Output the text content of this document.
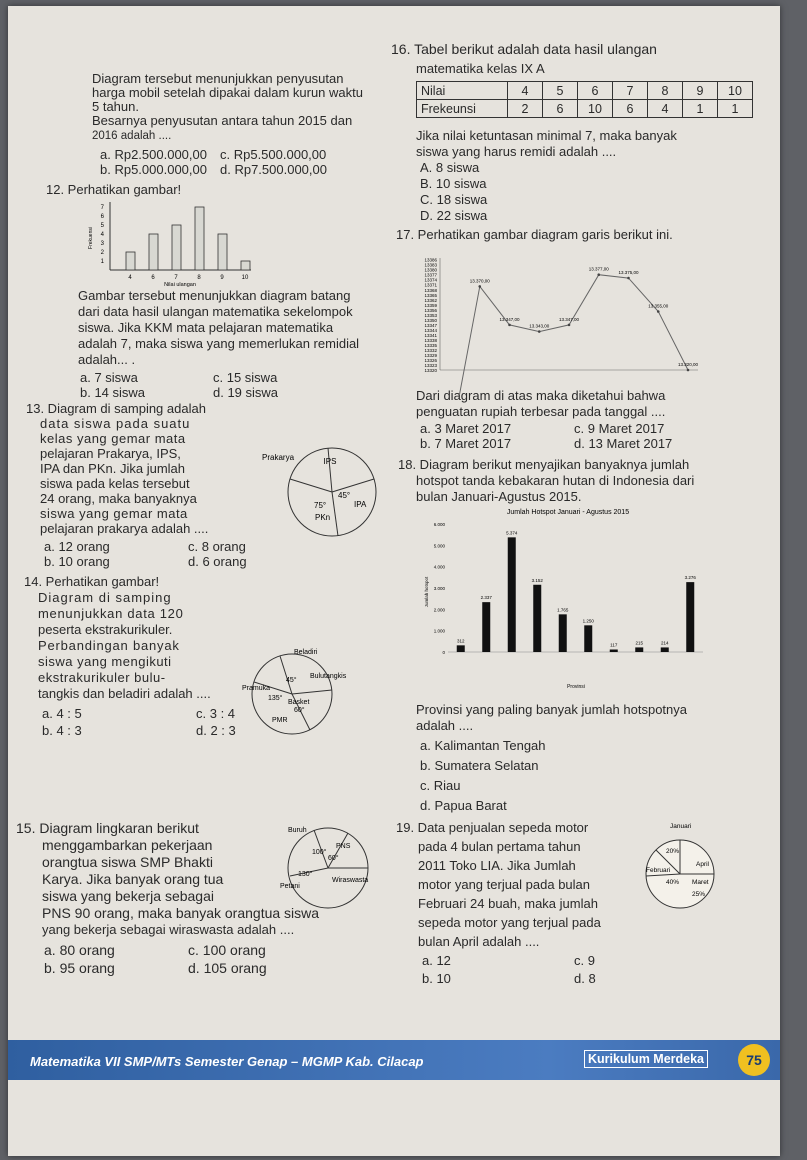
Diagram tersebut menunjukkan penyusutan
harga mobil setelah dipakai dalam kurun waktu
5 tahun.
Besarnya penyusutan antara tahun 2015 dan
2016 adalah ....
a. Rp2.500.000,00 c. Rp5.500.000,00
b. Rp5.000.000,00 d. Rp7.500.000,00
12. Perhatikan gambar!
1
2
3
4
5
6
7
Frekuensi
4	6	7	8	9	10
Nilai ulangan
Gambar tersebut menunjukkan diagram batang
dari data hasil ulangan matematika sekelompok
siswa. Jika KKM mata pelajaran matematika
adalah 7, maka siswa yang memerlukan remidial
adalah... .
a. 7 siswa	c. 15 siswa
b. 14 siswa	d. 19 siswa
13. Diagram di samping adalah
data siswa pada suatu
kelas yang gemar mata
pelajaran Prakarya, IPS,
IPA dan PKn. Jika jumlah
siswa pada kelas tersebut
24 orang, maka banyaknya
siswa yang gemar mata
pelajaran prakarya adalah ....
a. 12 orang	c. 8 orang
b. 10 orang	d. 6 orang
IPS
Prakarya
IPA
PKn
45°
75°
14. Perhatikan gambar!
Diagram di samping
menunjukkan data 120
peserta ekstrakurikuler.
Perbandingan banyak
siswa yang mengikuti
ekstrakurikuler bulu-
tangkis dan beladiri adalah ....
a. 4 : 5	c. 3 : 4
b. 4 : 3	d. 2 : 3
Beladiri
Bulutangkis
Pramuka
Basket
PMR
45°
135°
60°
15. Diagram lingkaran berikut
menggambarkan pekerjaan
orangtua siswa SMP Bhakti
Karya. Jika banyak orang tua
siswa yang bekerja sebagai
PNS 90 orang, maka banyak orangtua siswa
yang bekerja sebagai wiraswasta adalah ....
a. 80 orang	c. 100 orang
b. 95 orang	d. 105 orang
Buruh
PNS
Petani
Wiraswasta
100°
60°
130°
16. Tabel berikut adalah data hasil ulangan
matematika kelas IX A
Nilai	4	5	6	7	8	9	10
Frekeunsi	2	6	10	6	4	1	1
Jika nilai ketuntasan minimal 7, maka banyak
siswa yang harus remidi adalah ....
A. 8 siswa
B. 10 siswa
C. 18 siswa
D. 22 siswa
17. Perhatikan gambar diagram garis berikut ini.
13320
13323
13326
13329
13332
13335
13338
13341
13344
13347
13350
13353
13356
13359
13362
13365
13368
13371
13374
13377
13380
13383
13386
13.370,00
13.347,00
13.343,00
13.347,00
13.377,00
13.375,00
13.355,00
13.320,00
Dari diagram di atas maka diketahui bahwa
penguatan rupiah terbesar pada tanggal ....
a. 3 Maret 2017	c. 9 Maret 2017
b. 7 Maret 2017	d. 13 Maret 2017
18. Diagram berikut menyajikan banyaknya jumlah
hotspot tanda kebakaran hutan di Indonesia dari
bulan Januari-Agustus 2015.
Jumlah Hotspot Januari - Agustus 2015
0
1.000
2.000
3.000
4.000
5.000
6.000
Jumlah hotspot
312
2.337
5.374
3.152
1.765
1.250
117	215	214
3.276
Provinsi
Provinsi yang paling banyak jumlah hotspotnya
adalah ....
a. Kalimantan Tengah
b. Sumatera Selatan
c. Riau
d. Papua Barat
19. Data penjualan sepeda motor
pada 4 bulan pertama tahun
2011 Toko LIA. Jika Jumlah
motor yang terjual pada bulan
Februari 24 buah, maka jumlah
sepeda motor yang terjual pada
bulan April adalah ....
a. 12	c. 9
b. 10	d. 8
Januari
20%
April
Februari
Maret
40%
25%
Matematika VII SMP/MTs Semester Genap – MGMP Kab. Cilacap	Kurikulum Merdeka	75
